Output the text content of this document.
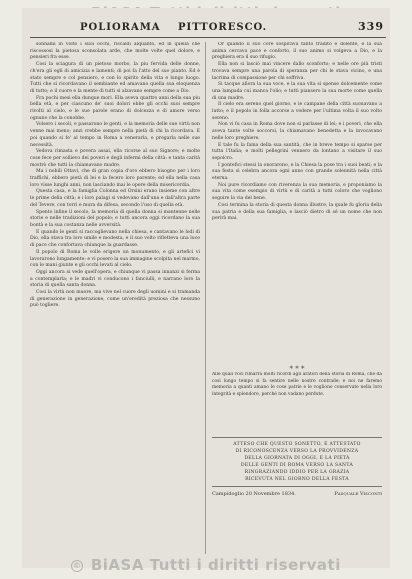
POLIORAMA PITTORESCO.	339

sonnami in volto i suoi occhi, riscaldi alquanto, ed in quella che riscossosi la pietosa sconsolata arde, che molte volte quel dolore, e pensieri fra esse.

Cosi la sciagura di un pietoso morbo, la piu fervida delle donne, ch'era gli egli di amicizia e lamenti; di poi fa l'atto del suo pianto. Ed è stato sempre e col pensiero, e con lo spirito della vita e lungo luogo. Tutti che si ricordavano il sembiante ed amavano quella sua eloquenza di tutto; e il cuore e la mente di tutti si alzavano sempre come a Dio.

Fra pochi mesi ella dunque mori. Ella aveva quattro anni della sua piu bella età, e per ciascuno de' suoi dolori ebbe gli occhi suoi sempre rivolti al cielo, e le sue parole erano di dolcezza e di amore verso ognuno che la conobbe.

Volsero i secoli, e passarono le genti, e la memoria delle sue virtù non venne mai meno; anzi crebbe sempre nella pietà di chi la ricordava. E poi quando si fe' al tempo in Roma a venerarla, e pregarla nelle sue necessità.

Vedova rimasta e povera assai, ella ricorse al suo Signore; e molte cose fece per sollievo dei poveri e degli infermi della città: e tanta carità mostrò che tutti la chiamavano madre.

Ma i nobili Ottavi, che di gran copia d'oro ebbero bisogno per i loro traffichi, ebbero pietà di lei e la fecero loro parente; ed ella nella casa loro visse lunghi anni, non lasciando mai le opere della misericordia.

Questa casa, e la famiglia Colonna ed Orsini erano insieme con altre le prime della città; e i loro palagi si vedevano dall'una e dall'altra parte del Tevere, con torri e mura da difesa, secondo l'uso di quella età.

Spento infine il secolo, la memoria di quella donna si mantenne nelle storie e nelle tradizioni del popolo; e tutti ancora oggi ricordano la sua bontà e la sua costanza nelle avversità.

E quando le genti si raccoglievano nella chiesa, e cantavano le lodi di Dio, ella stava tra loro umile e modesta, e il suo volto rifletteva una luce di pace che confortava chiunque la guardasse.

Il popolo di Roma le volle erigere un monumento, e gli artefici vi lavorarono lungamente: e vi posero la sua immagine scolpita nel marmo, con le mani giunte e gli occhi levati al cielo.

Oggi ancora si vede quell'opera, e chiunque vi passa innanzi si ferma a contemplarla; e le madri vi conducono i fanciulli, e narrano loro la storia di quella santa donna.

Cosi la virtù non muore, ma vive nel cuore degli uomini e si tramanda di generazione in generazione, come un'eredità preziosa che nessuno può togliere.

Or quando il suo core sospirava tanto tradito e dolente, e la sua anima cercava pace e conforto, il suo animo si volgeva a Dio, e la preghiera era il suo rifugio.

Ella non si lasciò mai vincere dallo sconforto; e nelle ore più tristi trovava sempre una parola di speranza per chi le stava vicino, e una lacrima di compassione per chi soffriva.

Si tacque allora la sua voce, e la sua vita si spense dolcemente come una lampada cui manca l'olio; e tutti piansero la sua morte come quella di una madre.

Il cielo era sereno quel giorno, e le campane della città suonavano a lutto; e il popolo in folla accorse a vedere per l'ultima volta il suo volto sereno.

Non vi fu casa in Roma dove non si parlasse di lei; e i poveri, che ella aveva tante volte soccorsi, la chiamavano benedetta e la invocavano nelle loro preghiere.

E tale fu la fama della sua santità, che in breve tempo si sparse per tutta l'Italia; e molti pellegrini vennero da lontano a visitare il suo sepolcro.

I pontefici stessi la onorarono, e la Chiesa la pose tra i suoi beati; e la sua festa si celebra ancora ogni anno con grande solennità nella città eterna.

Noi pure ricordiamo con riverenza la sua memoria, e proponiamo la sua vita come esempio di virtù e di carità a tutti coloro che vogliono seguire la via del bene.

Cosi termina la storia di questa donna illustre, la quale fu gloria della sua patria e della sua famiglia, e lasciò dietro di sé un nome che non perirà mai.

* * *
Alle quali voci rimarrà molti ricordi agli aratori della storia di Roma, che da così lungo tempo si fa sentire nelle nostre contrade; e noi ne faremo memoria a quanti amano le cose patrie e le vogliono conservate nella loro integrità e splendore, perché non vadano perdute.
ATTESO CHE QUESTO SONETTO, E ATTESTATO
DI RICONOSCENZA VERSO LA PROVVIDENZA
DELLA GIORNATA DI OGGI, E LA PIETÀ
DELLE GENTI DI ROMA VERSO LA SANTA
RINGRAZIANDO IDDIO PER LA GRAZIA
RICEVUTA NEL GIORNO DELLA FESTA
Campidoglio 20 Novembre 1834.	Pasquale Visconti
© BiASA Tutti i diritti riservati
